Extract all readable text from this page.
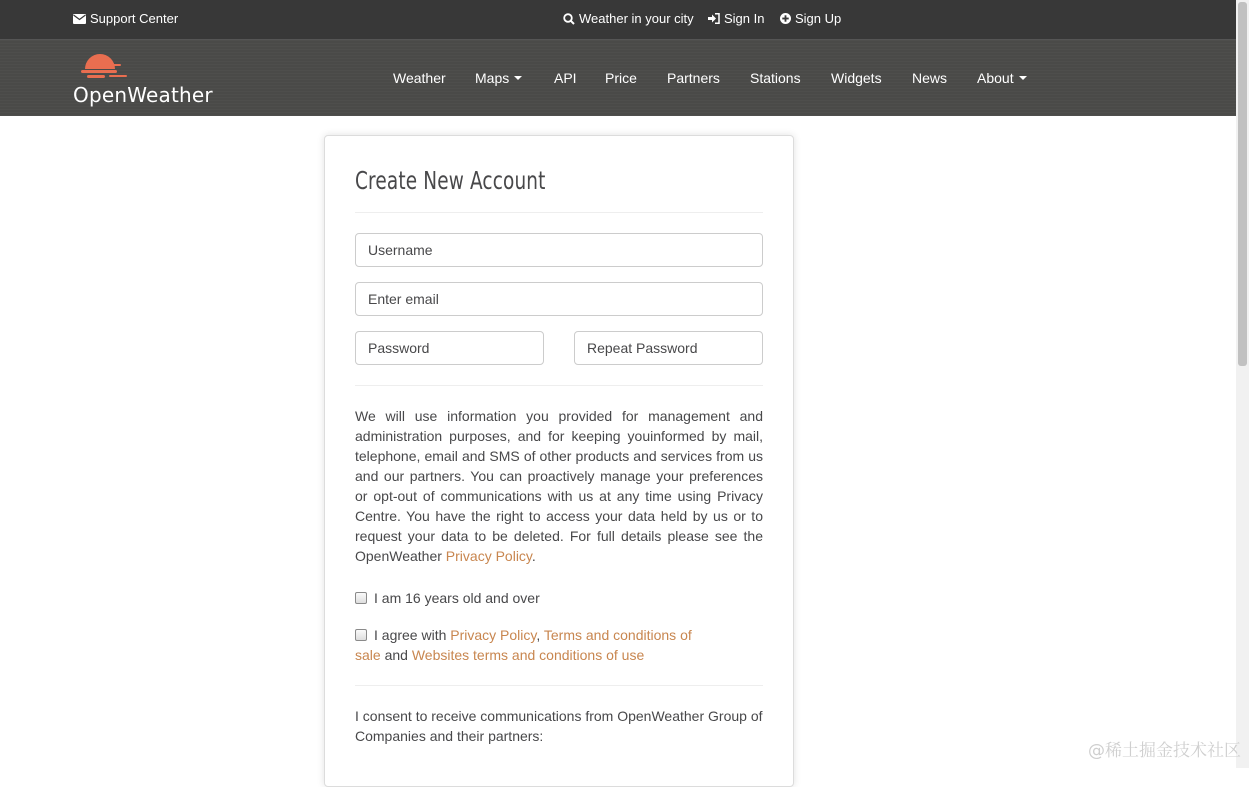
Support Center	Weather in your city Sign In Sign Up
OpenWeather
Weather Maps	API Price Partners Stations Widgets News About
Create New Account
Username
Enter email
We will use information you provided for management and administration purposes, and for keeping youinformed by mail, telephone, email and SMS of other products and services from us and our partners. You can proactively manage your preferences or opt-out of communications with us at any time using Privacy Centre. You have the right to access your data held by us or to request your data to be deleted. For full details please see the OpenWeather Privacy Policy.
I am 16 years old and over
I agree with Privacy Policy, Terms and conditions of sale and Websites terms and conditions of use
I consent to receive communications from OpenWeather Group of Companies and their partners:
@稀土掘金技术社区
